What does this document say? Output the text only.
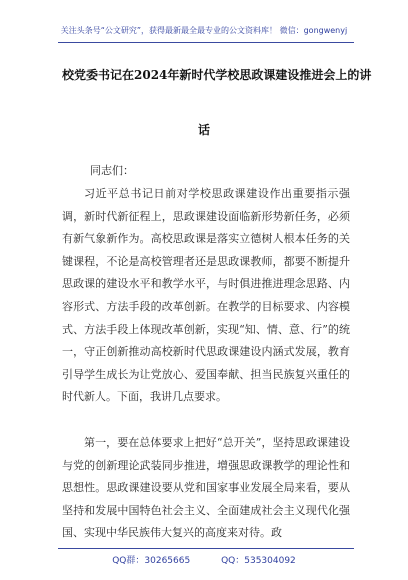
关注头条号“公文研究”，获得最新最全最专业的公文资料库！ 微信：gongwenyj
校党委书记在2024年新时代学校思政课建设推进会上的讲
话
同志们：
习近平总书记日前对学校思政课建设作出重要指示强调，新时代新征程上，思政课建设面临新形势新任务，必须有新气象新作为。高校思政课是落实立德树人根本任务的关键课程，不论是高校管理者还是思政课教师，都要不断提升思政课的建设水平和教学水平，与时俱进推进理念思路、内容形式、方法手段的改革创新。在教学的目标要求、内容模式、方法手段上体现改革创新，实现“知、情、意、行”的统一，守正创新推动高校新时代思政课建设内涵式发展，教育引导学生成长为让党放心、爱国奉献、担当民族复兴重任的时代新人。下面，我讲几点要求。
第一，要在总体要求上把好“总开关”，坚持思政课建设与党的创新理论武装同步推进，增强思政课教学的理论性和思想性。思政课建设要从党和国家事业发展全局来看，要从坚持和发展中国特色社会主义、全面建成社会主义现代化强国、实现中华民族伟大复兴的高度来对待。政
QQ群：30265665	QQ：535304092
